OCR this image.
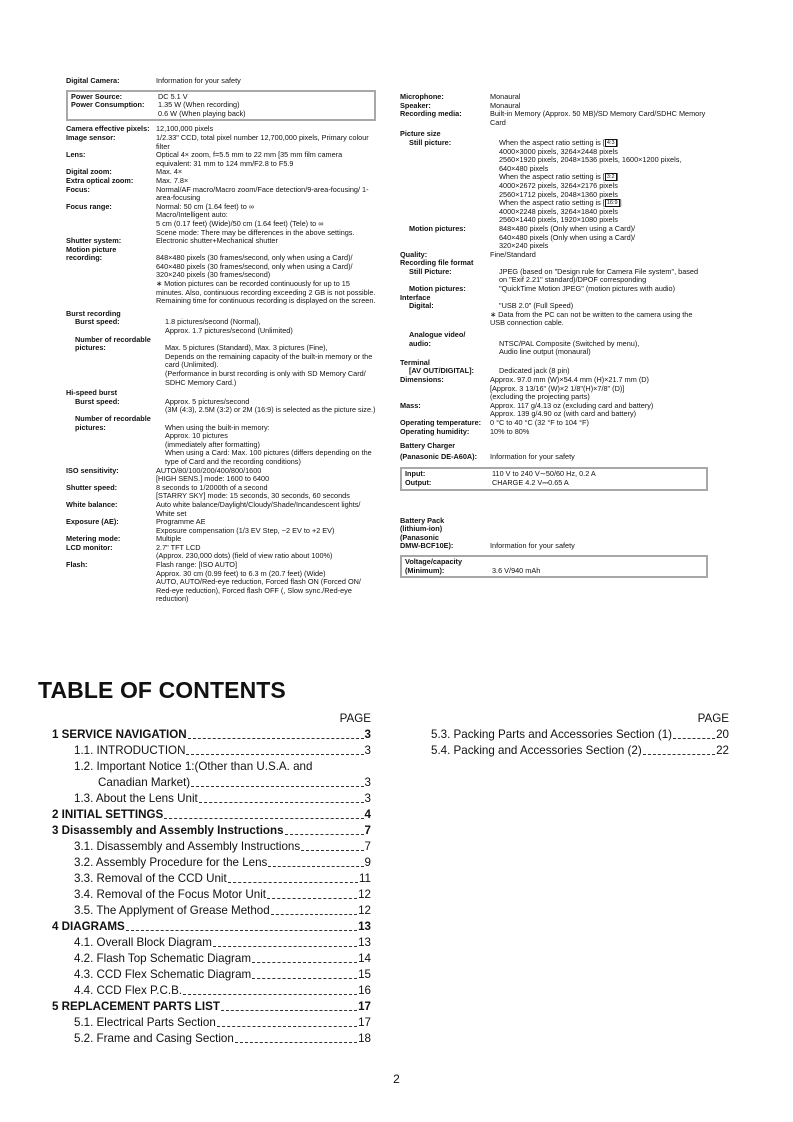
Digital Camera:	Information for your safety
Power Source:	DC 5.1 V
Power Consumption:	1.35 W (When recording)
0.6 W (When playing back)
Camera effective pixels: 12,100,000 pixels
Image sensor:	1/2.33" CCD, total pixel number 12,700,000 pixels, Primary colour filter
Lens:	Optical 4× zoom, f=5.5 mm to 22 mm [35 mm film camera equivalent: 31 mm to 124 mm/F2.8 to F5.9
Digital zoom:	Max. 4×
Extra optical zoom:	Max. 7.8×
Focus:	Normal/AF macro/Macro zoom/Face detection/9-area-focusing/ 1-area-focusing
Focus range:	Normal: 50 cm (1.64 feet) to ∞
Macro/Intelligent auto:
5 cm (0.17 feet) (Wide)/50 cm (1.64 feet) (Tele) to ∞
Scene mode: There may be differences in the above settings.
Shutter system:	Electronic shutter+Mechanical shutter
Motion picture
recording:	
848×480 pixels (30 frames/second, only when using a Card)/
640×480 pixels (30 frames/second, only when using a Card)/
320×240 pixels (30 frames/second)
∗ Motion pictures can be recorded continuously for up to 15 minutes. Also, continuous recording exceeding 2 GB is not possible.
Remaining time for continuous recording is displayed on the screen.
Burst recording
Burst speed:	1.8 pictures/second (Normal),
Approx. 1.7 pictures/second (Unlimited)
Number of recordable
pictures:	
Max. 5 pictures (Standard), Max. 3 pictures (Fine),
Depends on the remaining capacity of the built-in memory or the card (Unlimited).
(Performance in burst recording is only with SD Memory Card/ SDHC Memory Card.)
Hi-speed burst
Burst speed:	Approx. 5 pictures/second
(3M (4:3), 2.5M (3:2) or 2M (16:9) is selected as the picture size.)
Number of recordable
pictures:	
When using the built-in memory:
Approx. 10 pictures
(immediately after formatting)
When using a Card: Max. 100 pictures (differs depending on the type of Card and the recording conditions)
ISO sensitivity:	AUTO/80/100/200/400/800/1600
[HIGH SENS.] mode: 1600 to 6400
Shutter speed:	8 seconds to 1/2000th of a second
[STARRY SKY] mode: 15 seconds, 30 seconds, 60 seconds
White balance:	Auto white balance/Daylight/Cloudy/Shade/Incandescent lights/ White set
Exposure (AE):	Programme AE
Exposure compensation (1/3 EV Step, −2 EV to +2 EV)
Metering mode:	Multiple
LCD monitor:	2.7" TFT LCD
(Approx. 230,000 dots) (field of view ratio about 100%)
Flash:	Flash range: [ISO AUTO]
Approx. 30 cm (0.99 feet) to 6.3 m (20.7 feet) (Wide)
AUTO, AUTO/Red-eye reduction, Forced flash ON (Forced ON/ Red-eye reduction), Forced flash OFF (, Slow sync./Red-eye reduction)
Microphone:	Monaural
Speaker:	Monaural
Recording media:	Built-in Memory (Approx. 50 MB)/SD Memory Card/SDHC Memory Card
Picture size
Still picture:	When the aspect ratio setting is [ 4:3 ]
4000×3000 pixels, 3264×2448 pixels
2560×1920 pixels, 2048×1536 pixels, 1600×1200 pixels,
640×480 pixels
When the aspect ratio setting is [ 3:2 ]
4000×2672 pixels, 3264×2176 pixels
2560×1712 pixels, 2048×1360 pixels
When the aspect ratio setting is [ 16:9 ]
4000×2248 pixels, 3264×1840 pixels
2560×1440 pixels, 1920×1080 pixels
Motion pictures:	848×480 pixels (Only when using a Card)/
640×480 pixels (Only when using a Card)/
320×240 pixels
Quality:	Fine/Standard
Recording file format
Still Picture:	JPEG (based on "Design rule for Camera File system", based on "Exif 2.21" standard)/DPOF corresponding
Motion pictures:	"QuickTime Motion JPEG" (motion pictures with audio)
Interface
Digital:	"USB 2.0" (Full Speed)
∗ Data from the PC can not be written to the camera using the USB connection cable.
Analogue video/
audio:	
NTSC/PAL Composite (Switched by menu),
Audio line output (monaural)
Terminal
[AV OUT/DIGITAL]:	Dedicated jack (8 pin)
Dimensions:	Approx. 97.0 mm (W)×54.4 mm (H)×21.7 mm (D)
[Approx. 3 13/16" (W)×2 1/8"(H)×7/8" (D)]
(excluding the projecting parts)
Mass:	Approx. 117 g/4.13 oz (excluding card and battery)
Approx. 139 g/4.90 oz (with card and battery)
Operating temperature:	0 °C to 40 °C (32 °F to 104 °F)
Operating humidity:	10% to 80%
Battery Charger
(Panasonic DE-A60A):	Information for your safety
Input:	110 V to 240 V∼50/60 Hz, 0.2 A
Output:	CHARGE 4.2 V⎓0.65 A
Battery Pack
(lithium-ion)
(Panasonic
DMW-BCF10E):	

Information for your safety
Voltage/capacity
(Minimum):	
3.6 V/940 mAh
TABLE OF CONTENTS
PAGE
1 SERVICE NAVIGATION	3
1.1. INTRODUCTION	3
1.2. Important Notice 1:(Other than U.S.A. and
Canadian Market)	3
1.3. About the Lens Unit	3
2 INITIAL SETTINGS	4
3 Disassembly and Assembly Instructions	7
3.1. Disassembly and Assembly Instructions	7
3.2. Assembly Procedure for the Lens	9
3.3. Removal of the CCD Unit	11
3.4. Removal of the Focus Motor Unit	12
3.5. The Applyment of Grease Method	12
4 DIAGRAMS	13
4.1. Overall Block Diagram	13
4.2. Flash Top Schematic Diagram	14
4.3. CCD Flex Schematic Diagram	15
4.4. CCD Flex P.C.B.	16
5 REPLACEMENT PARTS LIST	17
5.1. Electrical Parts Section	17
5.2. Frame and Casing Section	18
PAGE
5.3. Packing Parts and Accessories Section (1)	20
5.4. Packing and Accessories Section (2)	22
2
